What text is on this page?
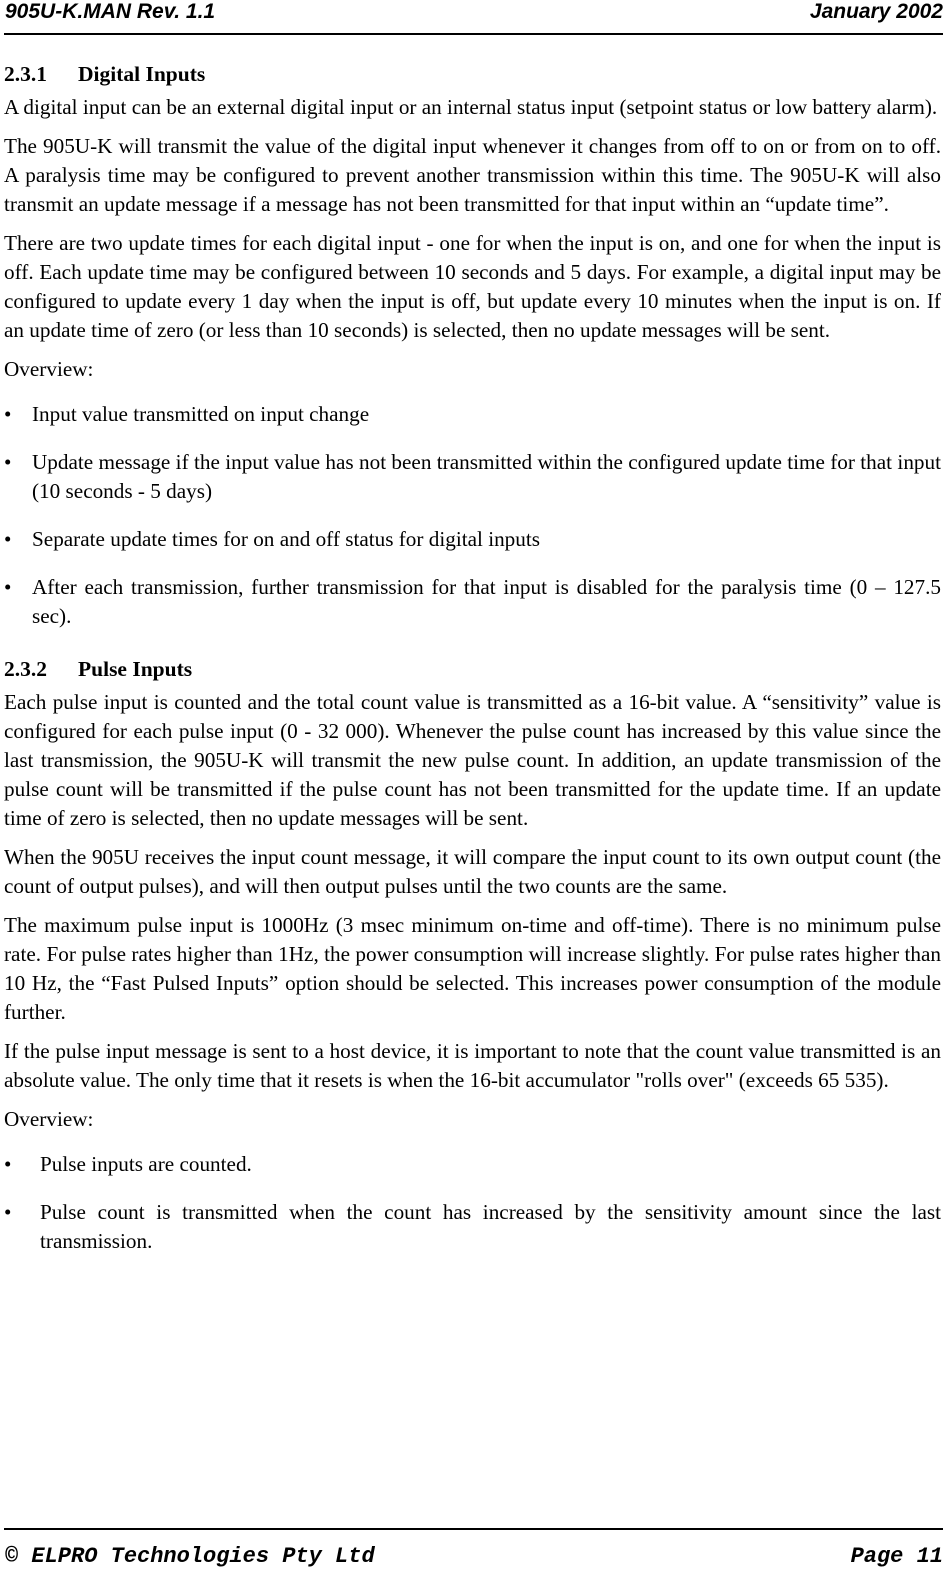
905U-K.MAN Rev. 1.1	January 2002
2.3.1 Digital Inputs

A digital input can be an external digital input or an internal status input (setpoint status or low battery alarm).

The 905U-K will transmit the value of the digital input whenever it changes from off to on or from on to off. A paralysis time may be configured to prevent another transmission within this time. The 905U-K will also transmit an update message if a message has not been transmitted for that input within an “update time”.

There are two update times for each digital input - one for when the input is on, and one for when the input is off. Each update time may be configured between 10 seconds and 5 days. For example, a digital input may be configured to update every 1 day when the input is off, but update every 10 minutes when the input is on. If an update time of zero (or less than 10 seconds) is selected, then no update messages will be sent.

Overview:

• Input value transmitted on input change
• Update message if the input value has not been transmitted within the configured update time for that input (10 seconds - 5 days)
• Separate update times for on and off status for digital inputs
• After each transmission, further transmission for that input is disabled for the paralysis time (0 – 127.5 sec).
2.3.2 Pulse Inputs

Each pulse input is counted and the total count value is transmitted as a 16-bit value. A “sensitivity” value is configured for each pulse input (0 - 32 000). Whenever the pulse count has increased by this value since the last transmission, the 905U-K will transmit the new pulse count. In addition, an update transmission of the pulse count will be transmitted if the pulse count has not been transmitted for the update time. If an update time of zero is selected, then no update messages will be sent.

When the 905U receives the input count message, it will compare the input count to its own output count (the count of output pulses), and will then output pulses until the two counts are the same.

The maximum pulse input is 1000Hz (3 msec minimum on-time and off-time). There is no minimum pulse rate. For pulse rates higher than 1Hz, the power consumption will increase slightly. For pulse rates higher than 10 Hz, the “Fast Pulsed Inputs” option should be selected. This increases power consumption of the module further.

If the pulse input message is sent to a host device, it is important to note that the count value transmitted is an absolute value. The only time that it resets is when the 16-bit accumulator "rolls over" (exceeds 65 535).

Overview:

• Pulse inputs are counted.
• Pulse count is transmitted when the count has increased by the sensitivity amount since the last transmission.
© ELPRO Technologies Pty Ltd	Page 11
